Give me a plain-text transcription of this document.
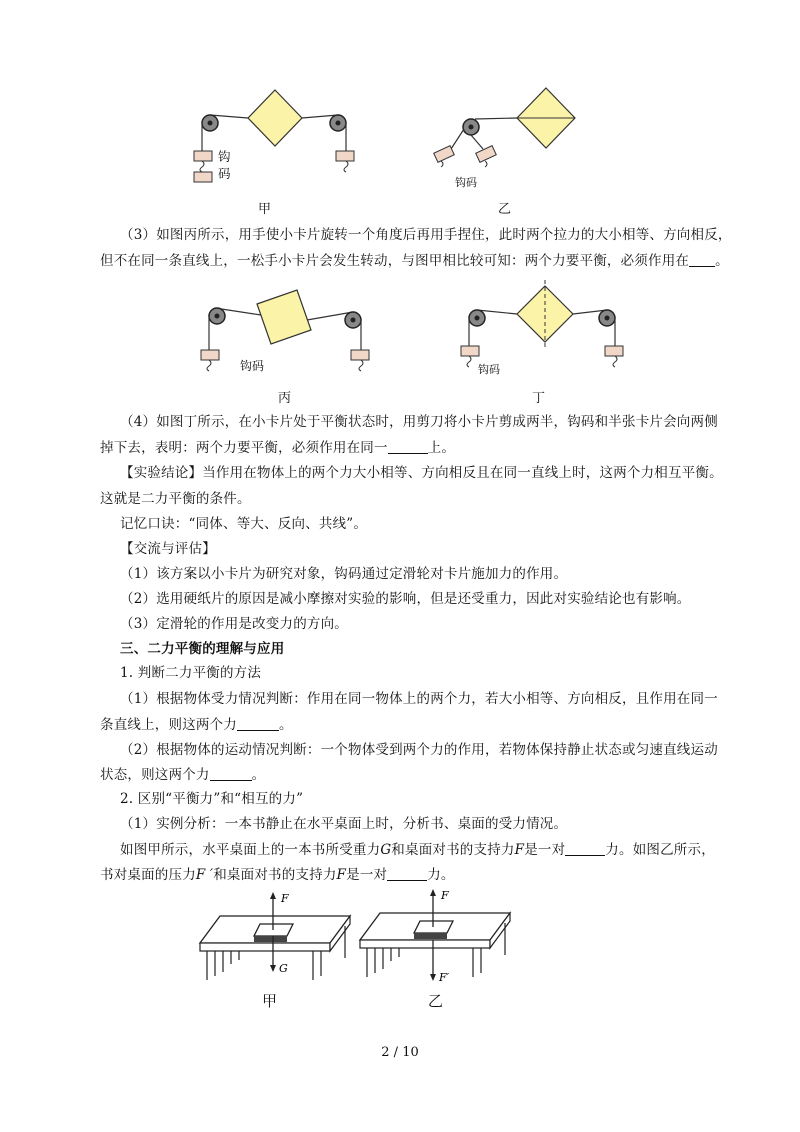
钩码
甲
钩码
乙
（3）如图丙所示，用手使小卡片旋转一个角度后再用手捏住，此时两个拉力的大小相等、方向相反，
但不在同一条直线上，一松手小卡片会发生转动，与图甲相比较可知：两个力要平衡，必须作用在 。
钩码
丙
钩码
丁
（4）如图丁所示，在小卡片处于平衡状态时，用剪刀将小卡片剪成两半，钩码和半张卡片会向两侧
掉下去，表明：两个力要平衡，必须作用在同一	上。
【实验结论】当作用在物体上的两个力大小相等、方向相反且在同一直线上时，这两个力相互平衡。
这就是二力平衡的条件。
记忆口诀：“同体、等大、反向、共线”。
【交流与评估】
（1）该方案以小卡片为研究对象，钩码通过定滑轮对卡片施加力的作用。
（2）选用硬纸片的原因是减小摩擦对实验的影响，但是还受重力，因此对实验结论也有影响。
（3）定滑轮的作用是改变力的方向。
三、二力平衡的理解与应用
1. 判断二力平衡的方法
（1）根据物体受力情况判断：作用在同一物体上的两个力，若大小相等、方向相反，且作用在同一
条直线上，则这两个力	。
（2）根据物体的运动情况判断：一个物体受到两个力的作用，若物体保持静止状态或匀速直线运动
状态，则这两个力	。
2. 区别“平衡力”和“相互的力”
（1）实例分析：一本书静止在水平桌面上时，分析书、桌面的受力情况。
如图甲所示，水平桌面上的一本书所受重力G和桌面对书的支持力F是一对	力。如图乙所示，
书对桌面的压力F ′和桌面对书的支持力F是一对	力。
F
G
甲
F
F′
乙
2 / 10
